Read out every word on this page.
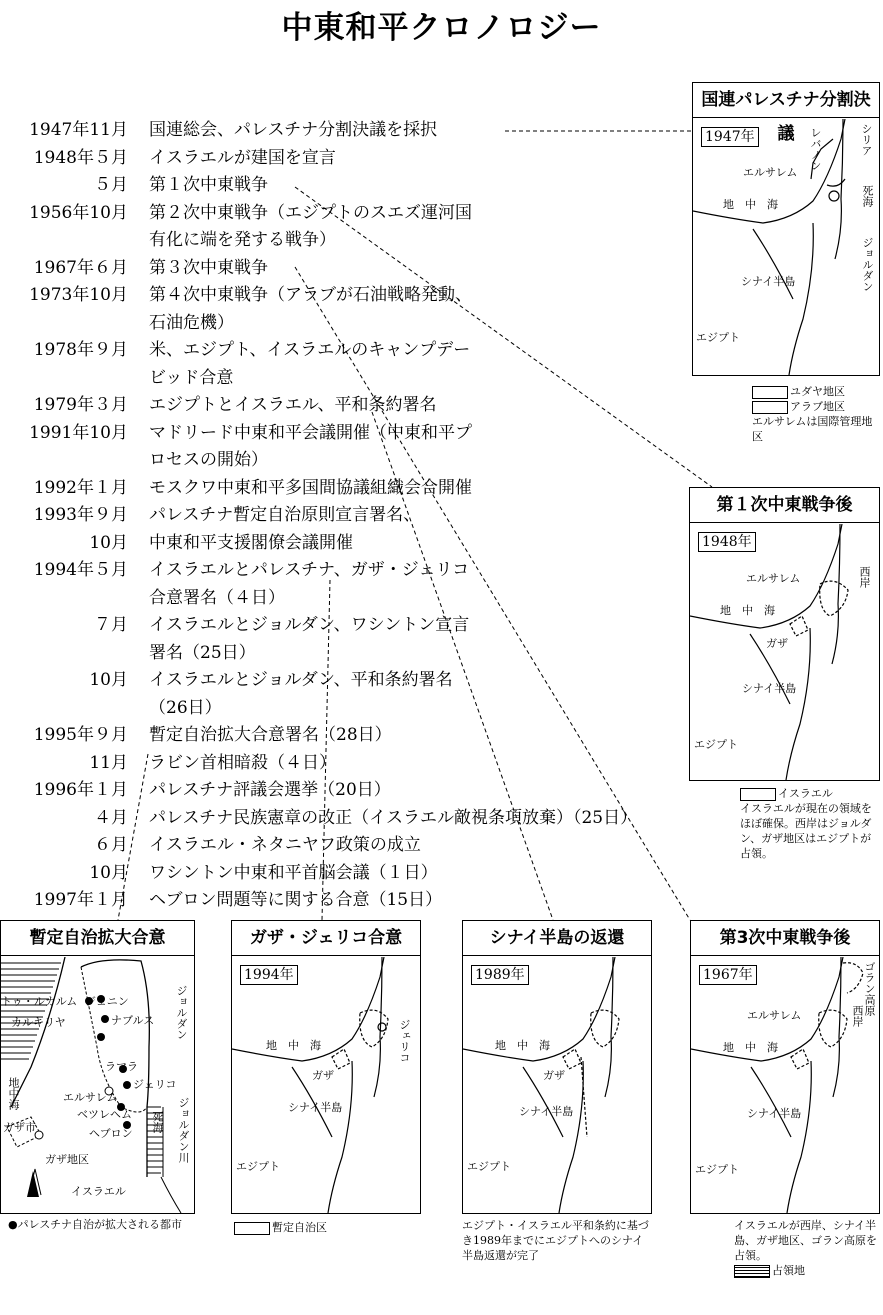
中東和平クロノロジー
1947年11月 国連総会、パレスチナ分割決議を採択
1948年５月 イスラエルが建国を宣言
５月 第１次中東戦争
1956年10月 第２次中東戦争（エジプトのスエズ運河国
有化に端を発する戦争）
1967年６月 第３次中東戦争
1973年10月 第４次中東戦争（アラブが石油戦略発動、
石油危機）
1978年９月 米、エジプト、イスラエルのキャンプデー
ビッド合意
1979年３月 エジプトとイスラエル、平和条約署名
1991年10月 マドリード中東和平会議開催（中東和平プ
ロセスの開始）
1992年１月 モスクワ中東和平多国間協議組織会合開催
1993年９月 パレスチナ暫定自治原則宣言署名、
10月 中東和平支援閣僚会議開催
1994年５月 イスラエルとパレスチナ、ガザ・ジェリコ
合意署名（４日）
７月 イスラエルとジョルダン、ワシントン宣言
署名（25日）
10月 イスラエルとジョルダン、平和条約署名
（26日）
1995年９月 暫定自治拡大合意署名（28日）
11月 ラビン首相暗殺（４日）
1996年１月 パレスチナ評議会選挙（20日）
４月 パレスチナ民族憲章の改正（イスラエル敵視条項放棄）（25日）
６月 イスラエル・ネタニヤフ政策の成立
10月 ワシントン中東和平首脳会議（１日）
1997年１月 ヘブロン問題等に関する合意（15日）
国連パレスチナ分割決議
1947年	レバノン	シリア
エルサレム
地　中　海	死海
ジョルダン
シナイ半島
エジプト
ユダヤ地区
アラブ地区
エルサレムは国際管理地区
第１次中東戦争後
1948年
エルサレム	西岸
地　中　海
ガザ
シナイ半島
エジプト
イスラエル
イスラエルが現在の領域をほぼ確保。西岸はジョルダン、ガザ地区はエジプトが占領。
暫定自治拡大合意
トゥ・ルカルム ジェニン
カルキリヤ	ナブルス ジョルダン
地中海
ラマラ
ジェリコ
エルサレム
ベツレヘム
ヘブロン
ガザ市	死海 ジョルダン川
ガザ地区
イスラエル
●パレスチナ自治が拡大される都市
ガザ・ジェリコ合意
1994年
地　中　海	ジェリコ
ガザ
シナイ半島
エジプト
暫定自治区
シナイ半島の返還
1989年
地　中　海
ガザ
シナイ半島
エジプト
エジプト・イスラエル平和条約に基づき1989年までにエジプトへのシナイ半島返還が完了
第3次中東戦争後
1967年	ゴラン高原
エルサレム	西岸
地　中　海
シナイ半島
エジプト
イスラエルが西岸、シナイ半島、ガザ地区、ゴラン高原を占領。
占領地
